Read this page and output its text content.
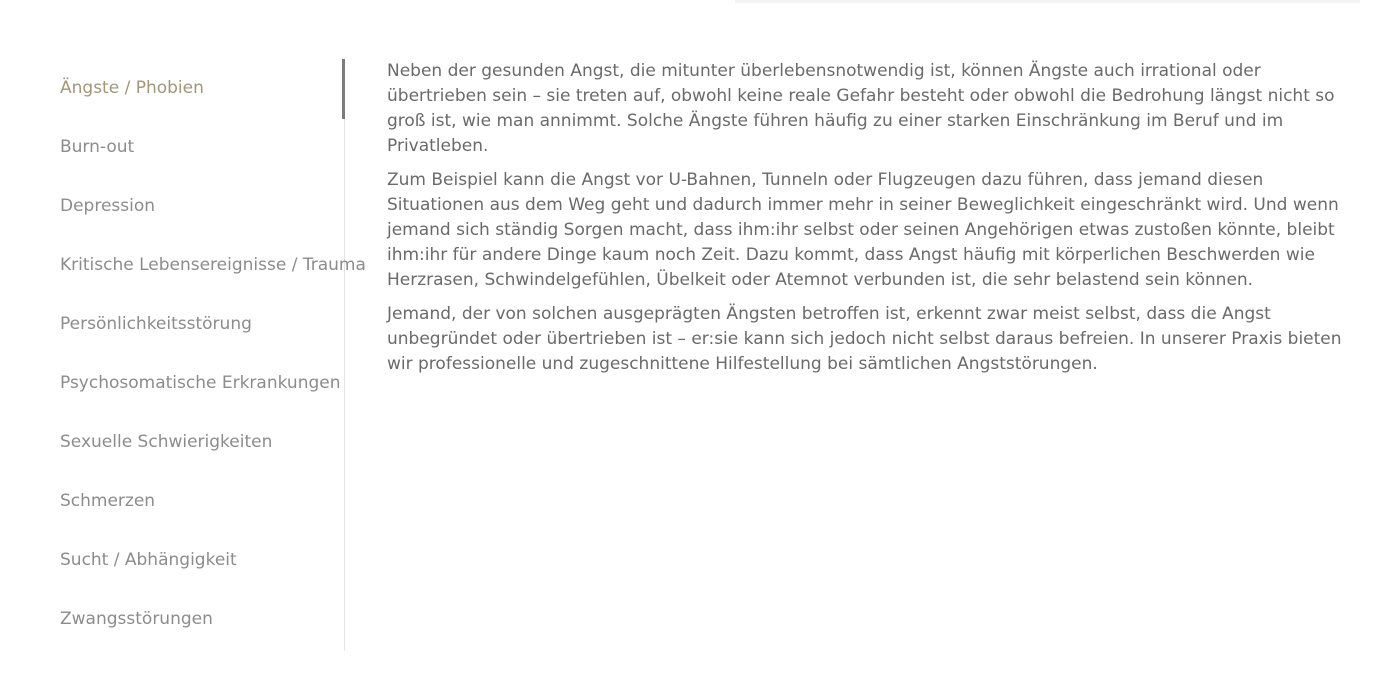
Ängste / Phobien
Burn-out
Depression
Kritische Lebensereignisse / Trauma
Persönlichkeitsstörung
Psychosomatische Erkrankungen
Sexuelle Schwierigkeiten
Schmerzen
Sucht / Abhängigkeit
Zwangsstörungen

Neben der gesunden Angst, die mitunter überlebensnotwendig ist, können Ängste auch irrational oder übertrieben sein – sie treten auf, obwohl keine reale Gefahr besteht oder obwohl die Bedrohung längst nicht so groß ist, wie man annimmt. Solche Ängste führen häufig zu einer starken Einschränkung im Beruf und im Privatleben.

Zum Beispiel kann die Angst vor U-Bahnen, Tunneln oder Flugzeugen dazu führen, dass jemand diesen Situationen aus dem Weg geht und dadurch immer mehr in seiner Beweglichkeit eingeschränkt wird. Und wenn jemand sich ständig Sorgen macht, dass ihm:ihr selbst oder seinen Angehörigen etwas zustoßen könnte, bleibt ihm:ihr für andere Dinge kaum noch Zeit. Dazu kommt, dass Angst häufig mit körperlichen Beschwerden wie Herzrasen, Schwindelgefühlen, Übelkeit oder Atemnot verbunden ist, die sehr belastend sein können.

Jemand, der von solchen ausgeprägten Ängsten betroffen ist, erkennt zwar meist selbst, dass die Angst unbegründet oder übertrieben ist – er:sie kann sich jedoch nicht selbst daraus befreien. In unserer Praxis bieten wir professionelle und zugeschnittene Hilfestellung bei sämtlichen Angststörungen.
